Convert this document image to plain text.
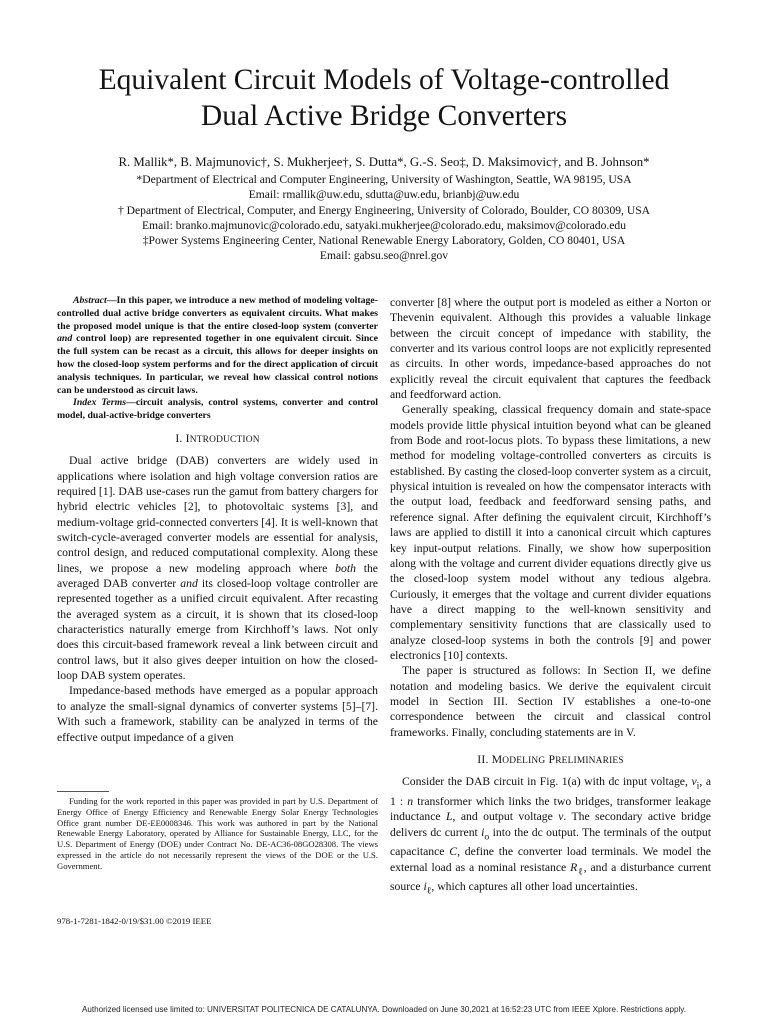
Equivalent Circuit Models of Voltage-controlled
Dual Active Bridge Converters
R. Mallik*, B. Majmunovic†, S. Mukherjee†, S. Dutta*, G.-S. Seo‡, D. Maksimovic†, and B. Johnson*
*Department of Electrical and Computer Engineering, University of Washington, Seattle, WA 98195, USA
Email: rmallik@uw.edu, sdutta@uw.edu, brianbj@uw.edu
† Department of Electrical, Computer, and Energy Engineering, University of Colorado, Boulder, CO 80309, USA
Email: branko.majmunovic@colorado.edu, satyaki.mukherjee@colorado.edu, maksimov@colorado.edu
‡Power Systems Engineering Center, National Renewable Energy Laboratory, Golden, CO 80401, USA
Email: gabsu.seo@nrel.gov
Abstract—In this paper, we introduce a new method of modeling voltage-controlled dual active bridge converters as equivalent circuits. What makes the proposed model unique is that the entire closed-loop system (converter and control loop) are represented together in one equivalent circuit. Since the full system can be recast as a circuit, this allows for deeper insights on how the closed-loop system performs and for the direct application of circuit analysis techniques. In particular, we reveal how classical control notions can be understood as circuit laws.
Index Terms—circuit analysis, control systems, converter and control model, dual-active-bridge converters
I. INTRODUCTION

Dual active bridge (DAB) converters are widely used in applications where isolation and high voltage conversion ratios are required [1]. DAB use-cases run the gamut from battery chargers for hybrid electric vehicles [2], to photovoltaic systems [3], and medium-voltage grid-connected converters [4]. It is well-known that switch-cycle-averaged converter models are essential for analysis, control design, and reduced computational complexity. Along these lines, we propose a new modeling approach where both the averaged DAB converter and its closed-loop voltage controller are represented together as a unified circuit equivalent. After recasting the averaged system as a circuit, it is shown that its closed-loop characteristics naturally emerge from Kirchhoff’s laws. Not only does this circuit-based framework reveal a link between circuit and control laws, but it also gives deeper intuition on how the closed-loop DAB system operates.

Impedance-based methods have emerged as a popular approach to analyze the small-signal dynamics of converter systems [5]–[7]. With such a framework, stability can be analyzed in terms of the effective output impedance of a given

Funding for the work reported in this paper was provided in part by U.S. Department of Energy Office of Energy Efficiency and Renewable Energy Solar Energy Technologies Office grant number DE-EE0008346. This work was authored in part by the National Renewable Energy Laboratory, operated by Alliance for Sustainable Energy, LLC, for the U.S. Department of Energy (DOE) under Contract No. DE-AC36-08GO28308. The views expressed in the article do not necessarily represent the views of the DOE or the U.S. Government.
978-1-7281-1842-0/19/$31.00 ©2019 IEEE

converter [8] where the output port is modeled as either a Norton or Thevenin equivalent. Although this provides a valuable linkage between the circuit concept of impedance with stability, the converter and its various control loops are not explicitly represented as circuits. In other words, impedance-based approaches do not explicitly reveal the circuit equivalent that captures the feedback and feedforward action.

Generally speaking, classical frequency domain and state-space models provide little physical intuition beyond what can be gleaned from Bode and root-locus plots. To bypass these limitations, a new method for modeling voltage-controlled converters as circuits is established. By casting the closed-loop converter system as a circuit, physical intuition is revealed on how the compensator interacts with the output load, feedback and feedforward sensing paths, and reference signal. After defining the equivalent circuit, Kirchhoff’s laws are applied to distill it into a canonical circuit which captures key input-output relations. Finally, we show how superposition along with the voltage and current divider equations directly give us the closed-loop system model without any tedious algebra. Curiously, it emerges that the voltage and current divider equations have a direct mapping to the well-known sensitivity and complementary sensitivity functions that are classically used to analyze closed-loop systems in both the controls [9] and power electronics [10] contexts.

The paper is structured as follows: In Section II, we define notation and modeling basics. We derive the equivalent circuit model in Section III. Section IV establishes a one-to-one correspondence between the circuit and classical control frameworks. Finally, concluding statements are in V.

II. MODELING PRELIMINARIES

Consider the DAB circuit in Fig. 1(a) with dc input voltage, $v_i$, a 1 : n transformer which links the two bridges, transformer leakage inductance L, and output voltage v. The secondary active bridge delivers dc current $i_o$ into the dc output. The terminals of the output capacitance C, define the converter load terminals. We model the external load as a nominal resistance $R_\ell$, and a disturbance current source $i_\ell$, which captures all other load uncertainties.

Authorized licensed use limited to: UNIVERSITAT POLITECNICA DE CATALUNYA. Downloaded on June 30,2021 at 16:52:23 UTC from IEEE Xplore. Restrictions apply.
